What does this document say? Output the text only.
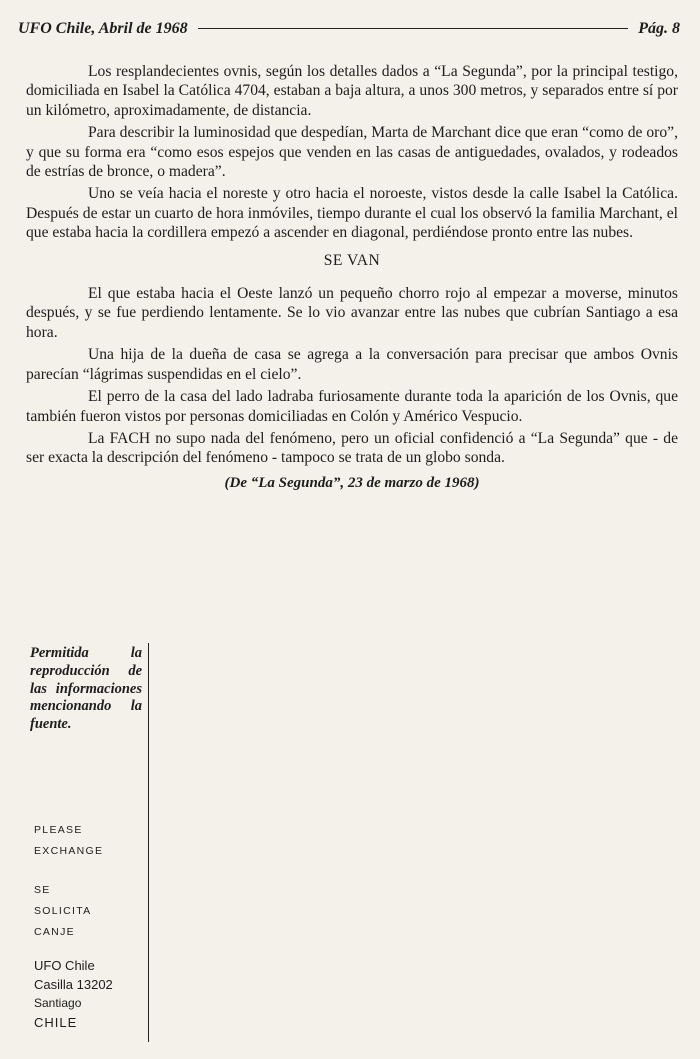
UFO Chile, Abril de 1968	Pág. 8

Los resplandecientes ovnis, según los detalles dados a “La Segunda”, por la principal testigo, domiciliada en Isabel la Católica 4704, estaban a baja altura, a unos 300 metros, y separados entre sí por un kilómetro, aproximadamente, de distancia.

Para describir la luminosidad que despedían, Marta de Marchant dice que eran “como de oro”, y que su forma era “como esos espejos que venden en las casas de antiguedades, ovalados, y rodeados de estrías de bronce, o madera”.

Uno se veía hacia el noreste y otro hacia el noroeste, vistos desde la calle Isabel la Católica. Después de estar un cuarto de hora inmóviles, tiempo durante el cual los observó la familia Marchant, el que estaba hacia la cordillera empezó a ascender en diagonal, perdiéndose pronto entre las nubes.

SE VAN

El que estaba hacia el Oeste lanzó un pequeño chorro rojo al empezar a moverse, minutos después, y se fue perdiendo lentamente. Se lo vio avanzar entre las nubes que cubrían Santiago a esa hora.

Una hija de la dueña de casa se agrega a la conversación para precisar que ambos Ovnis parecían “lágrimas suspendidas en el cielo”.

El perro de la casa del lado ladraba furiosamente durante toda la aparición de los Ovnis, que también fueron vistos por personas domiciliadas en Colón y Américo Vespucio.

La FACH no supo nada del fenómeno, pero un oficial confidenció a “La Segunda” que - de ser exacta la descripción del fenómeno - tampoco se trata de un globo sonda.

(De “La Segunda”, 23 de marzo de 1968)
Permitida la reproducción de las informaciones mencionando la fuente.
PLEASE
EXCHANGE
SE
SOLICITA
CANJE
UFO Chile
Casilla 13202
Santiago
CHILE
